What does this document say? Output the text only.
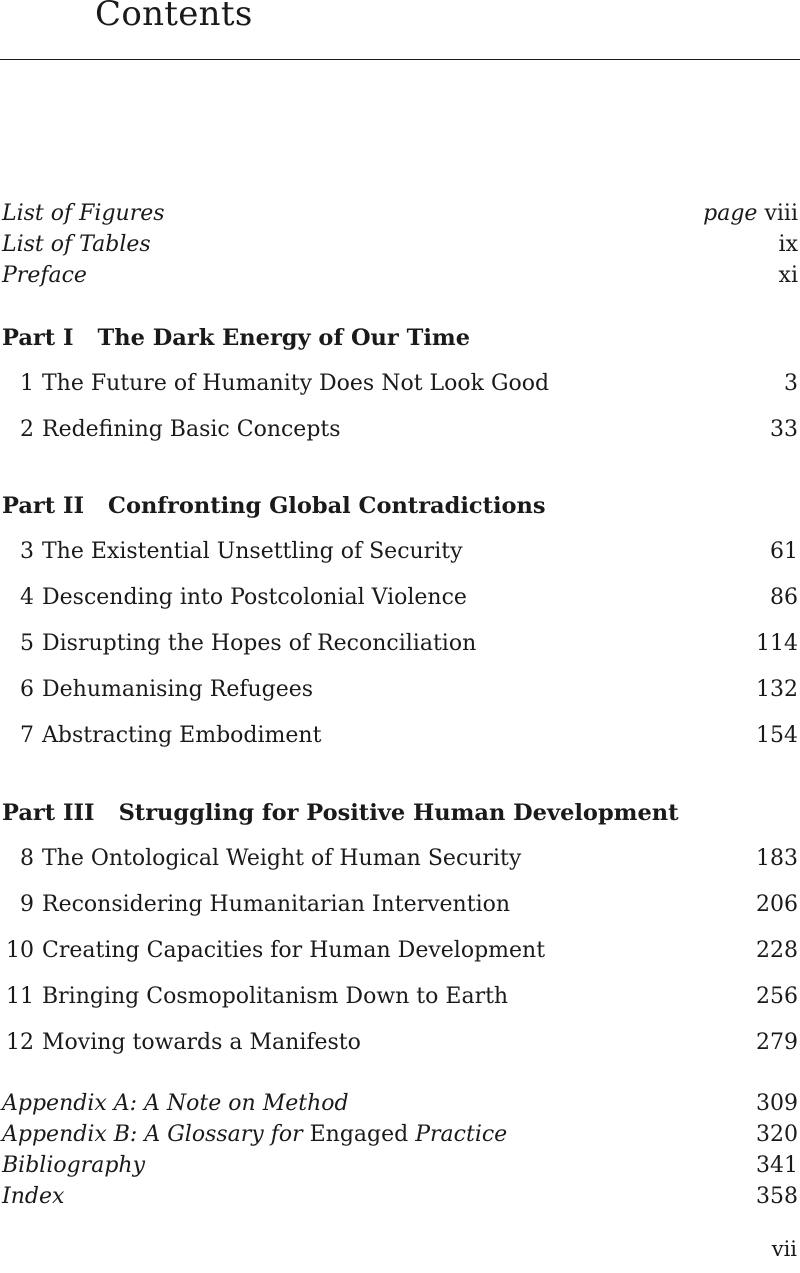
Contents
List of Figures	page viii
List of Tables	ix
Preface	xi
Part I The Dark Energy of Our Time
1 The Future of Humanity Does Not Look Good	3
2 Redefining Basic Concepts	33
Part II Confronting Global Contradictions
3 The Existential Unsettling of Security	61
4 Descending into Postcolonial Violence	86
5 Disrupting the Hopes of Reconciliation	114
6 Dehumanising Refugees	132
7 Abstracting Embodiment	154
Part III Struggling for Positive Human Development
8 The Ontological Weight of Human Security	183
9 Reconsidering Humanitarian Intervention	206
10 Creating Capacities for Human Development	228
11 Bringing Cosmopolitanism Down to Earth	256
12 Moving towards a Manifesto	279
Appendix A: A Note on Method	309
Appendix B: A Glossary for Engaged Practice	320
Bibliography	341
Index	358
vii
